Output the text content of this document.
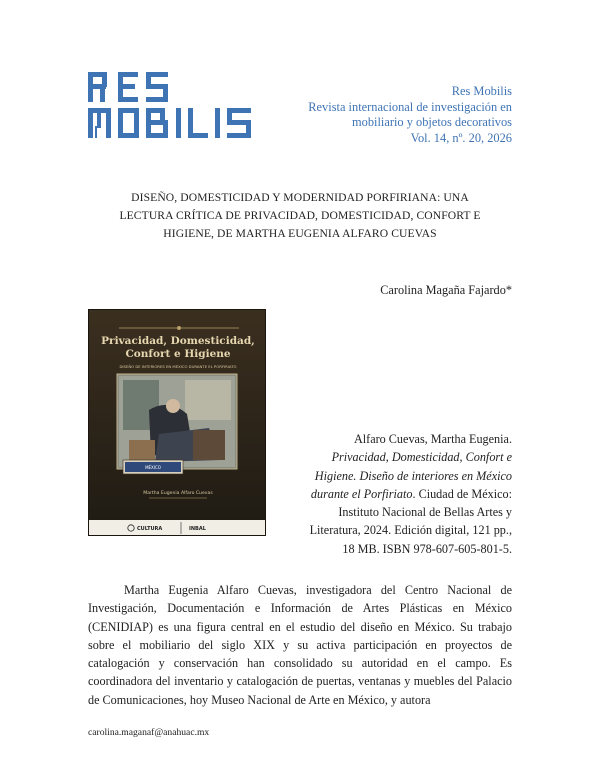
Res Mobilis
Revista internacional de investigación en
mobiliario y objetos decorativos
Vol. 14, nº. 20, 2026
DISEÑO, DOMESTICIDAD Y MODERNIDAD PORFIRIANA: UNA
LECTURA CRÍTICA DE PRIVACIDAD, DOMESTICIDAD, CONFORT E
HIGIENE, DE MARTHA EUGENIA ALFARO CUEVAS
Carolina Magaña Fajardo*
Privacidad, Domesticidad,
Confort e Higiene
DISEÑO DE INTERIORES EN MÉXICO DURANTE EL PORFIRIATO
MÉXICO
Martha Eugenia Alfaro Cuevas
CULTURA	INBAL
Alfaro Cuevas, Martha Eugenia.
Privacidad, Domesticidad, Confort e
Higiene. Diseño de interiores en México
durante el Porfiriato. Ciudad de México:
Instituto Nacional de Bellas Artes y
Literatura, 2024. Edición digital, 121 pp.,
18 MB. ISBN 978-607-605-801-5.

Martha Eugenia Alfaro Cuevas, investigadora del Centro Nacional de Investigación, Documentación e Información de Artes Plásticas en México (CENIDIAP) es una figura central en el estudio del diseño en México. Su trabajo sobre el mobiliario del siglo XIX y su activa participación en proyectos de catalogación y conservación han consolidado su autoridad en el campo. Es coordinadora del inventario y catalogación de puertas, ventanas y muebles del Palacio de Comunicaciones, hoy Museo Nacional de Arte en México, y autora

carolina.maganaf@anahuac.mx
